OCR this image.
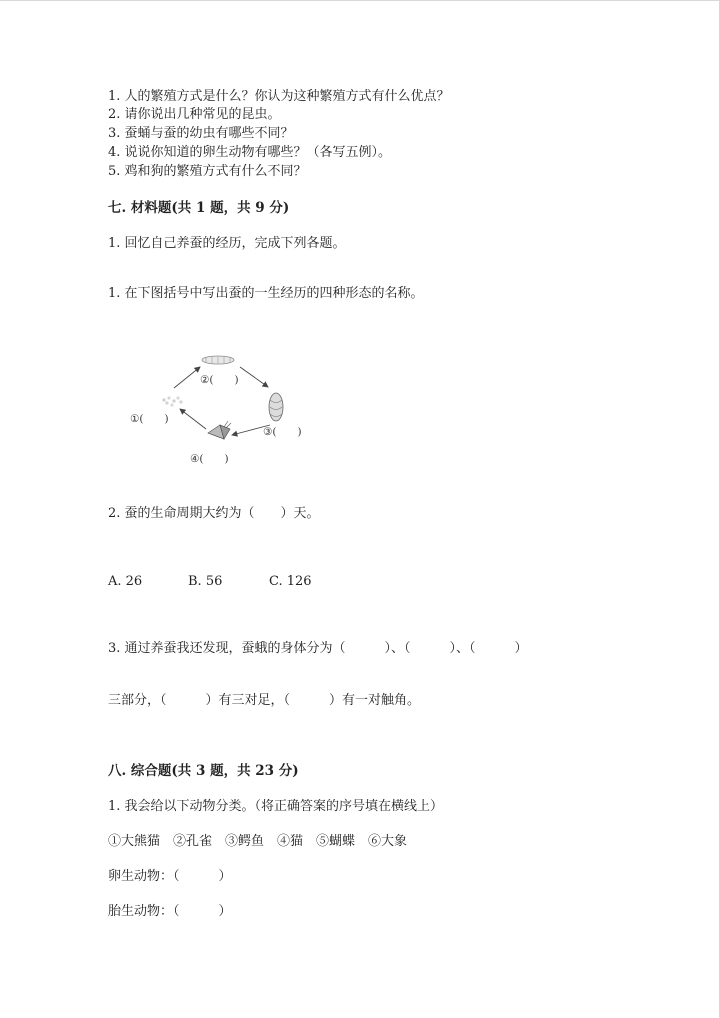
1. 人的繁殖方式是什么？你认为这种繁殖方式有什么优点？
2. 请你说出几种常见的昆虫。
3. 蚕蛹与蚕的幼虫有哪些不同？
4. 说说你知道的卵生动物有哪些？（各写五例）。
5. 鸡和狗的繁殖方式有什么不同？
七. 材料题(共 1 题，共 9 分)
1. 回忆自己养蚕的经历，完成下列各题。
1. 在下图括号中写出蚕的一生经历的四种形态的名称。
①(　　)
②(　　)
③(　　)
④(　　)
2. 蚕的生命周期大约为（　　）天。
A. 26	B. 56	C. 126
3. 通过养蚕我还发现，蚕蛾的身体分为（　　　）、（　　　）、（　　　）
三部分，（　　　）有三对足，（　　　）有一对触角。
八. 综合题(共 3 题，共 23 分)
1. 我会给以下动物分类。（将正确答案的序号填在横线上）
①大熊猫　②孔雀　③鳄鱼　④猫　⑤蝴蝶　⑥大象
卵生动物：（　　　）
胎生动物：（　　　）
